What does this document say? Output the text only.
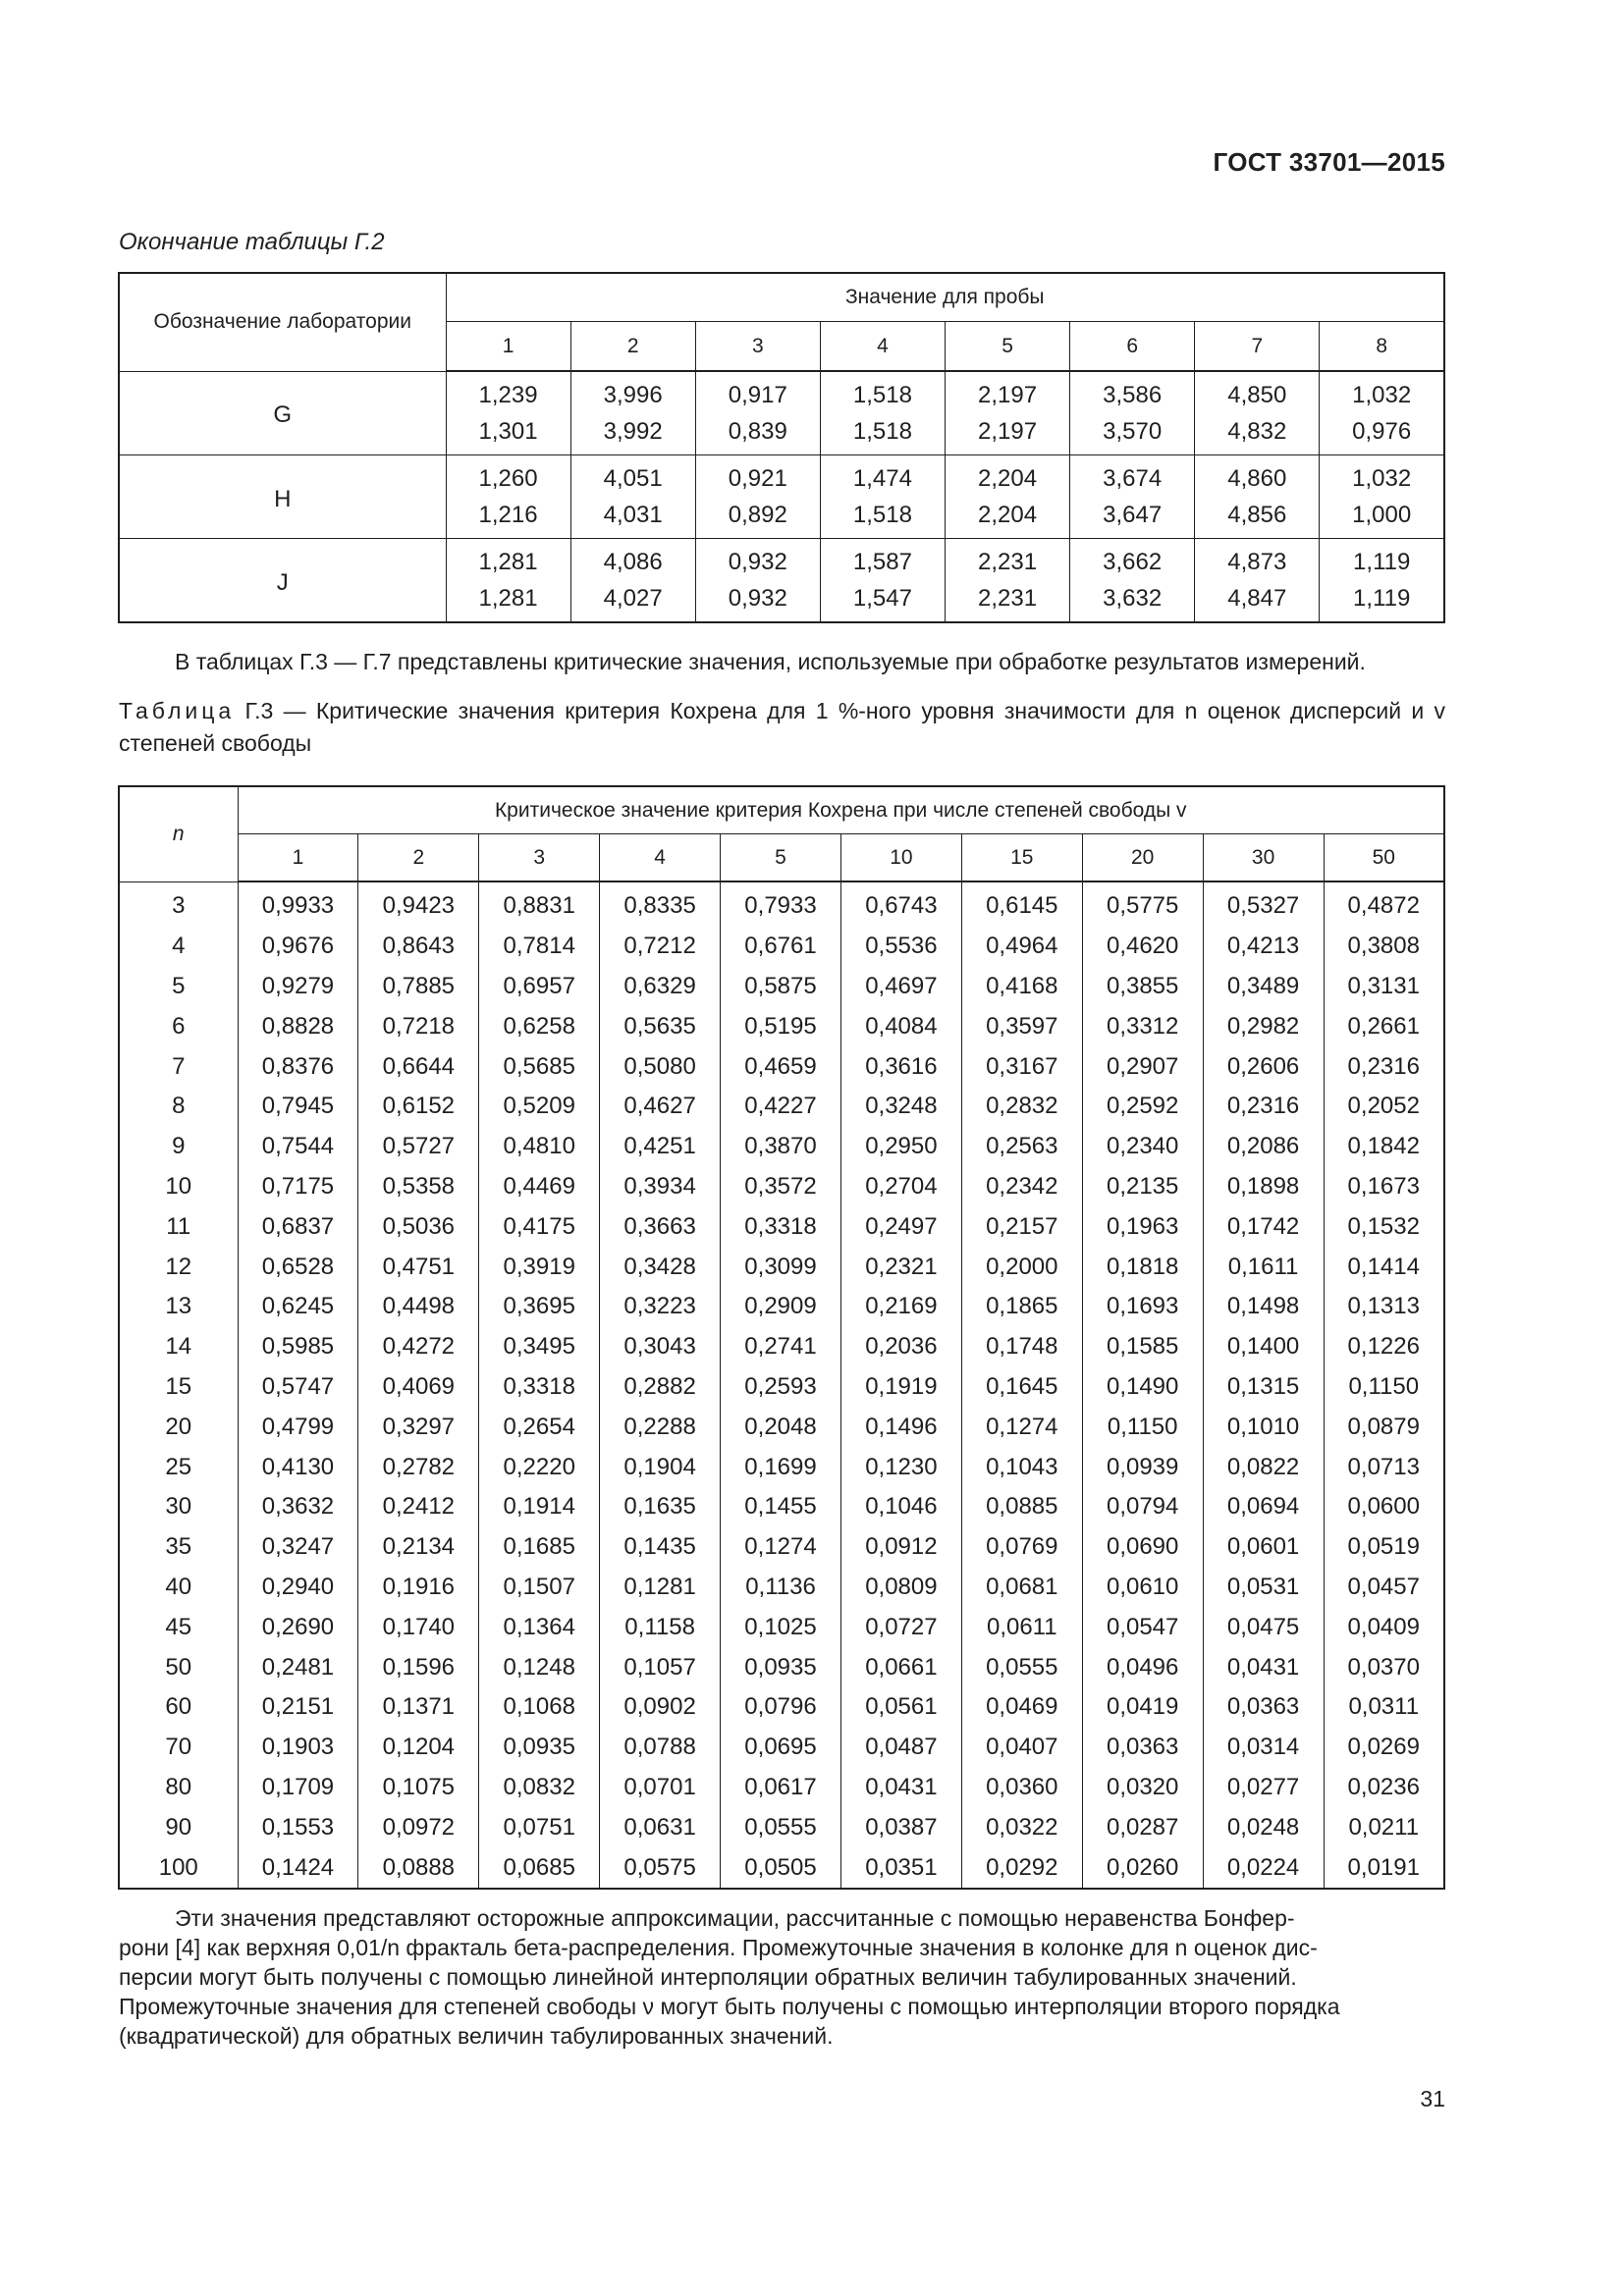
ГОСТ 33701—2015
Окончание таблицы Г.2
Обозначение лаборатории	Значение для пробы							
	1	2	3	4	5	6	7	8
G	1,239	3,996	0,917	1,518	2,197	3,586	4,850	1,032
	1,301	3,992	0,839	1,518	2,197	3,570	4,832	0,976
H	1,260	4,051	0,921	1,474	2,204	3,674	4,860	1,032
	1,216	4,031	0,892	1,518	2,204	3,647	4,856	1,000
J	1,281	4,086	0,932	1,587	2,231	3,662	4,873	1,119
	1,281	4,027	0,932	1,547	2,231	3,632	4,847	1,119
В таблицах Г.3 — Г.7 представлены критические значения, используемые при обработке результатов измерений.
Таблица Г.3 — Критические значения критерия Кохрена для 1 %-ного уровня значимости для n оценок дисперсий и v степеней свободы
n	Критическое значение критерия Кохрена при числе степеней свободы v									
	1	2	3	4	5	10	15	20	30	50
3	0,9933	0,9423	0,8831	0,8335	0,7933	0,6743	0,6145	0,5775	0,5327	0,4872
4	0,9676	0,8643	0,7814	0,7212	0,6761	0,5536	0,4964	0,4620	0,4213	0,3808
5	0,9279	0,7885	0,6957	0,6329	0,5875	0,4697	0,4168	0,3855	0,3489	0,3131
6	0,8828	0,7218	0,6258	0,5635	0,5195	0,4084	0,3597	0,3312	0,2982	0,2661
7	0,8376	0,6644	0,5685	0,5080	0,4659	0,3616	0,3167	0,2907	0,2606	0,2316
8	0,7945	0,6152	0,5209	0,4627	0,4227	0,3248	0,2832	0,2592	0,2316	0,2052
9	0,7544	0,5727	0,4810	0,4251	0,3870	0,2950	0,2563	0,2340	0,2086	0,1842
10	0,7175	0,5358	0,4469	0,3934	0,3572	0,2704	0,2342	0,2135	0,1898	0,1673
11	0,6837	0,5036	0,4175	0,3663	0,3318	0,2497	0,2157	0,1963	0,1742	0,1532
12	0,6528	0,4751	0,3919	0,3428	0,3099	0,2321	0,2000	0,1818	0,1611	0,1414
13	0,6245	0,4498	0,3695	0,3223	0,2909	0,2169	0,1865	0,1693	0,1498	0,1313
14	0,5985	0,4272	0,3495	0,3043	0,2741	0,2036	0,1748	0,1585	0,1400	0,1226
15	0,5747	0,4069	0,3318	0,2882	0,2593	0,1919	0,1645	0,1490	0,1315	0,1150
20	0,4799	0,3297	0,2654	0,2288	0,2048	0,1496	0,1274	0,1150	0,1010	0,0879
25	0,4130	0,2782	0,2220	0,1904	0,1699	0,1230	0,1043	0,0939	0,0822	0,0713
30	0,3632	0,2412	0,1914	0,1635	0,1455	0,1046	0,0885	0,0794	0,0694	0,0600
35	0,3247	0,2134	0,1685	0,1435	0,1274	0,0912	0,0769	0,0690	0,0601	0,0519
40	0,2940	0,1916	0,1507	0,1281	0,1136	0,0809	0,0681	0,0610	0,0531	0,0457
45	0,2690	0,1740	0,1364	0,1158	0,1025	0,0727	0,0611	0,0547	0,0475	0,0409
50	0,2481	0,1596	0,1248	0,1057	0,0935	0,0661	0,0555	0,0496	0,0431	0,0370
60	0,2151	0,1371	0,1068	0,0902	0,0796	0,0561	0,0469	0,0419	0,0363	0,0311
70	0,1903	0,1204	0,0935	0,0788	0,0695	0,0487	0,0407	0,0363	0,0314	0,0269
80	0,1709	0,1075	0,0832	0,0701	0,0617	0,0431	0,0360	0,0320	0,0277	0,0236
90	0,1553	0,0972	0,0751	0,0631	0,0555	0,0387	0,0322	0,0287	0,0248	0,0211
100	0,1424	0,0888	0,0685	0,0575	0,0505	0,0351	0,0292	0,0260	0,0224	0,0191
Эти значения представляют осторожные аппроксимации, рассчитанные с помощью неравенства Бонфер-
рони [4] как верхняя 0,01/n фракталь бета-распределения. Промежуточные значения в колонке для n оценок дис-
персии могут быть получены с помощью линейной интерполяции обратных величин табулированных значений.
Промежуточные значения для степеней свободы ν могут быть получены с помощью интерполяции второго порядка
(квадратической) для обратных величин табулированных значений.
31
